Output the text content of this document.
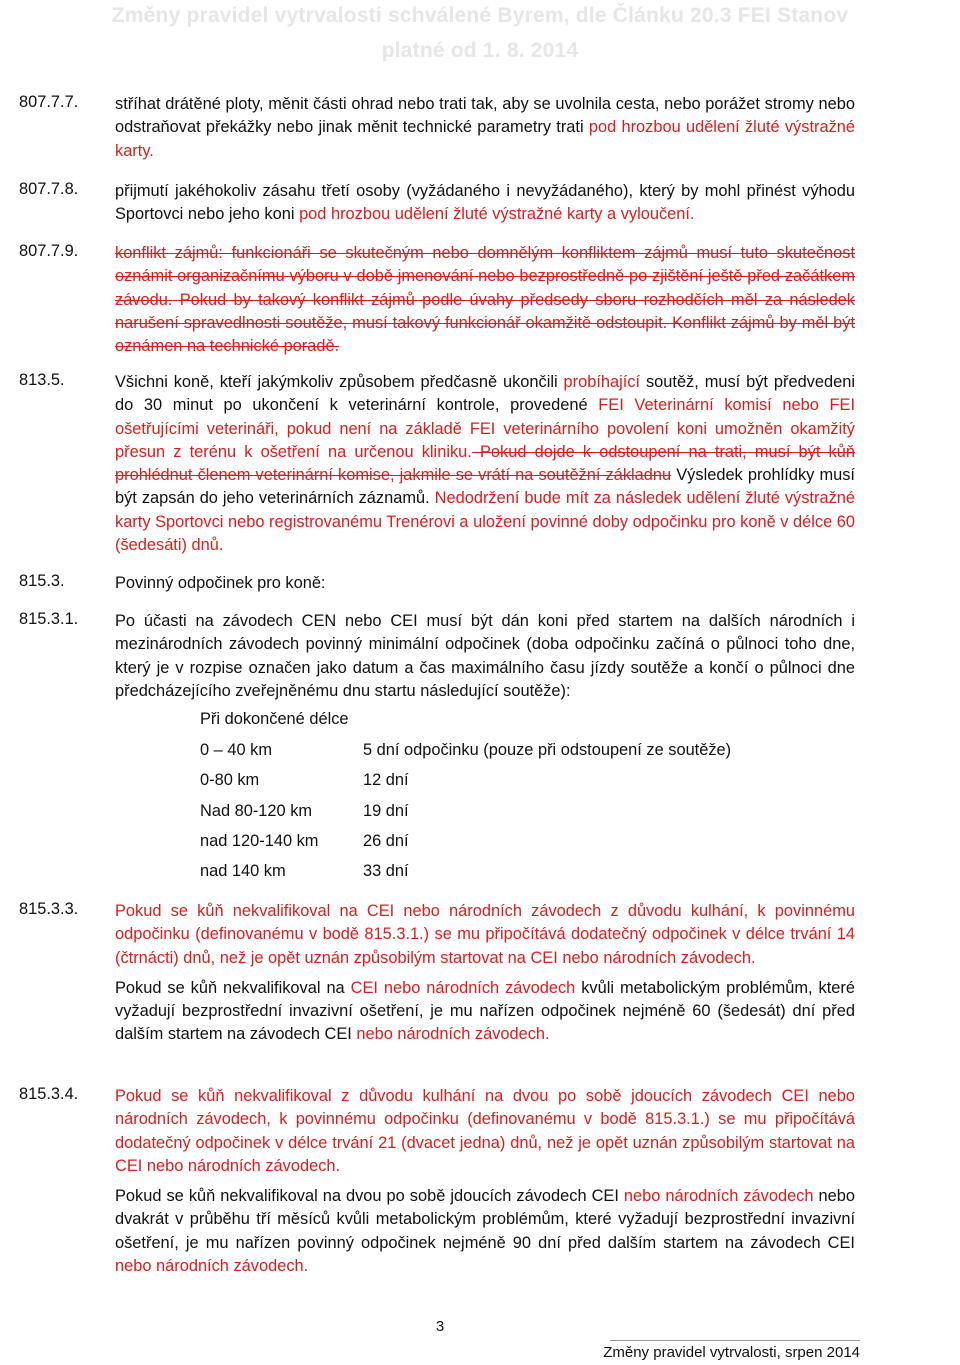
Změny pravidel vytrvalosti schválené Byrem, dle Článku 20.3 FEI Stanov
platné od 1. 8. 2014
807.7.7.	stříhat drátěné ploty, měnit části ohrad nebo trati tak, aby se uvolnila cesta, nebo porážet stromy nebo odstraňovat překážky nebo jinak měnit technické parametry trati pod hrozbou udělení žluté výstražné karty.
807.7.8.	přijmutí jakéhokoliv zásahu třetí osoby (vyžádaného i nevyžádaného), který by mohl přinést výhodu Sportovci nebo jeho koni pod hrozbou udělení žluté výstražné karty a vyloučení.
807.7.9.	konflikt zájmů: funkcionáři se skutečným nebo domnělým konfliktem zájmů musí tuto skutečnost oznámit organizačnímu výboru v době jmenování nebo bezprostředně po zjištění ještě před začátkem závodu. Pokud by takový konflikt zájmů podle úvahy předsedy sboru rozhodčích měl za následek narušení spravedlnosti soutěže, musí takový funkcionář okamžitě odstoupit. Konflikt zájmů by měl být oznámen na technické poradě.
813.5.	Všichni koně, kteří jakýmkoliv způsobem předčasně ukončili probíhající soutěž, musí být předvedeni do 30 minut po ukončení k veterinární kontrole, provedené FEI Veterinární komisí nebo FEI ošetřujícími veterináři, pokud není na základě FEI veterinárního povolení koni umožněn okamžitý přesun z terénu k ošetření na určenou kliniku. Pokud dojde k odstoupení na trati, musí být kůň prohlédnut členem veterinární komise, jakmile se vrátí na soutěžní základnu Výsledek prohlídky musí být zapsán do jeho veterinárních záznamů. Nedodržení bude mít za následek udělení žluté výstražné karty Sportovci nebo registrovanému Trenérovi a uložení povinné doby odpočinku pro koně v délce 60 (šedesáti) dnů.
815.3.	Povinný odpočinek pro koně:
815.3.1.	Po účasti na závodech CEN nebo CEI musí být dán koni před startem na dalších národních i mezinárodních závodech povinný minimální odpočinek (doba odpočinku začíná o půlnoci toho dne, který je v rozpise označen jako datum a čas maximálního času jízdy soutěže a končí o půlnoci dne předcházejícího zveřejněnému dnu startu následující soutěže):
Při dokončené délce
0 – 40 km	5 dní odpočinku (pouze při odstoupení ze soutěže)
0-80 km	12 dní
Nad 80-120 km	19 dní
nad 120-140 km	26 dní
nad 140 km	33 dní
815.3.3.	Pokud se kůň nekvalifikoval na CEI nebo národních závodech z důvodu kulhání, k povinnému odpočinku (definovanému v bodě 815.3.1.) se mu připočítává dodatečný odpočinek v délce trvání 14 (čtrnácti) dnů, než je opět uznán způsobilým startovat na CEI nebo národních závodech.
Pokud se kůň nekvalifikoval na CEI nebo národních závodech kvůli metabolickým problémům, které vyžadují bezprostřední invazivní ošetření, je mu nařízen odpočinek nejméně 60 (šedesát) dní před dalším startem na závodech CEI nebo národních závodech.
815.3.4.	Pokud se kůň nekvalifikoval z důvodu kulhání na dvou po sobě jdoucích závodech CEI nebo národních závodech, k povinnému odpočinku (definovanému v bodě 815.3.1.) se mu připočítává dodatečný odpočinek v délce trvání 21 (dvacet jedna) dnů, než je opět uznán způsobilým startovat na CEI nebo národních závodech.
Pokud se kůň nekvalifikoval na dvou po sobě jdoucích závodech CEI nebo národních závodech nebo dvakrát v průběhu tří měsíců kvůli metabolickým problémům, které vyžadují bezprostřední invazivní ošetření, je mu nařízen povinný odpočinek nejméně 90 dní před dalším startem na závodech CEI nebo národních závodech.
3
Změny pravidel vytrvalosti, srpen 2014
